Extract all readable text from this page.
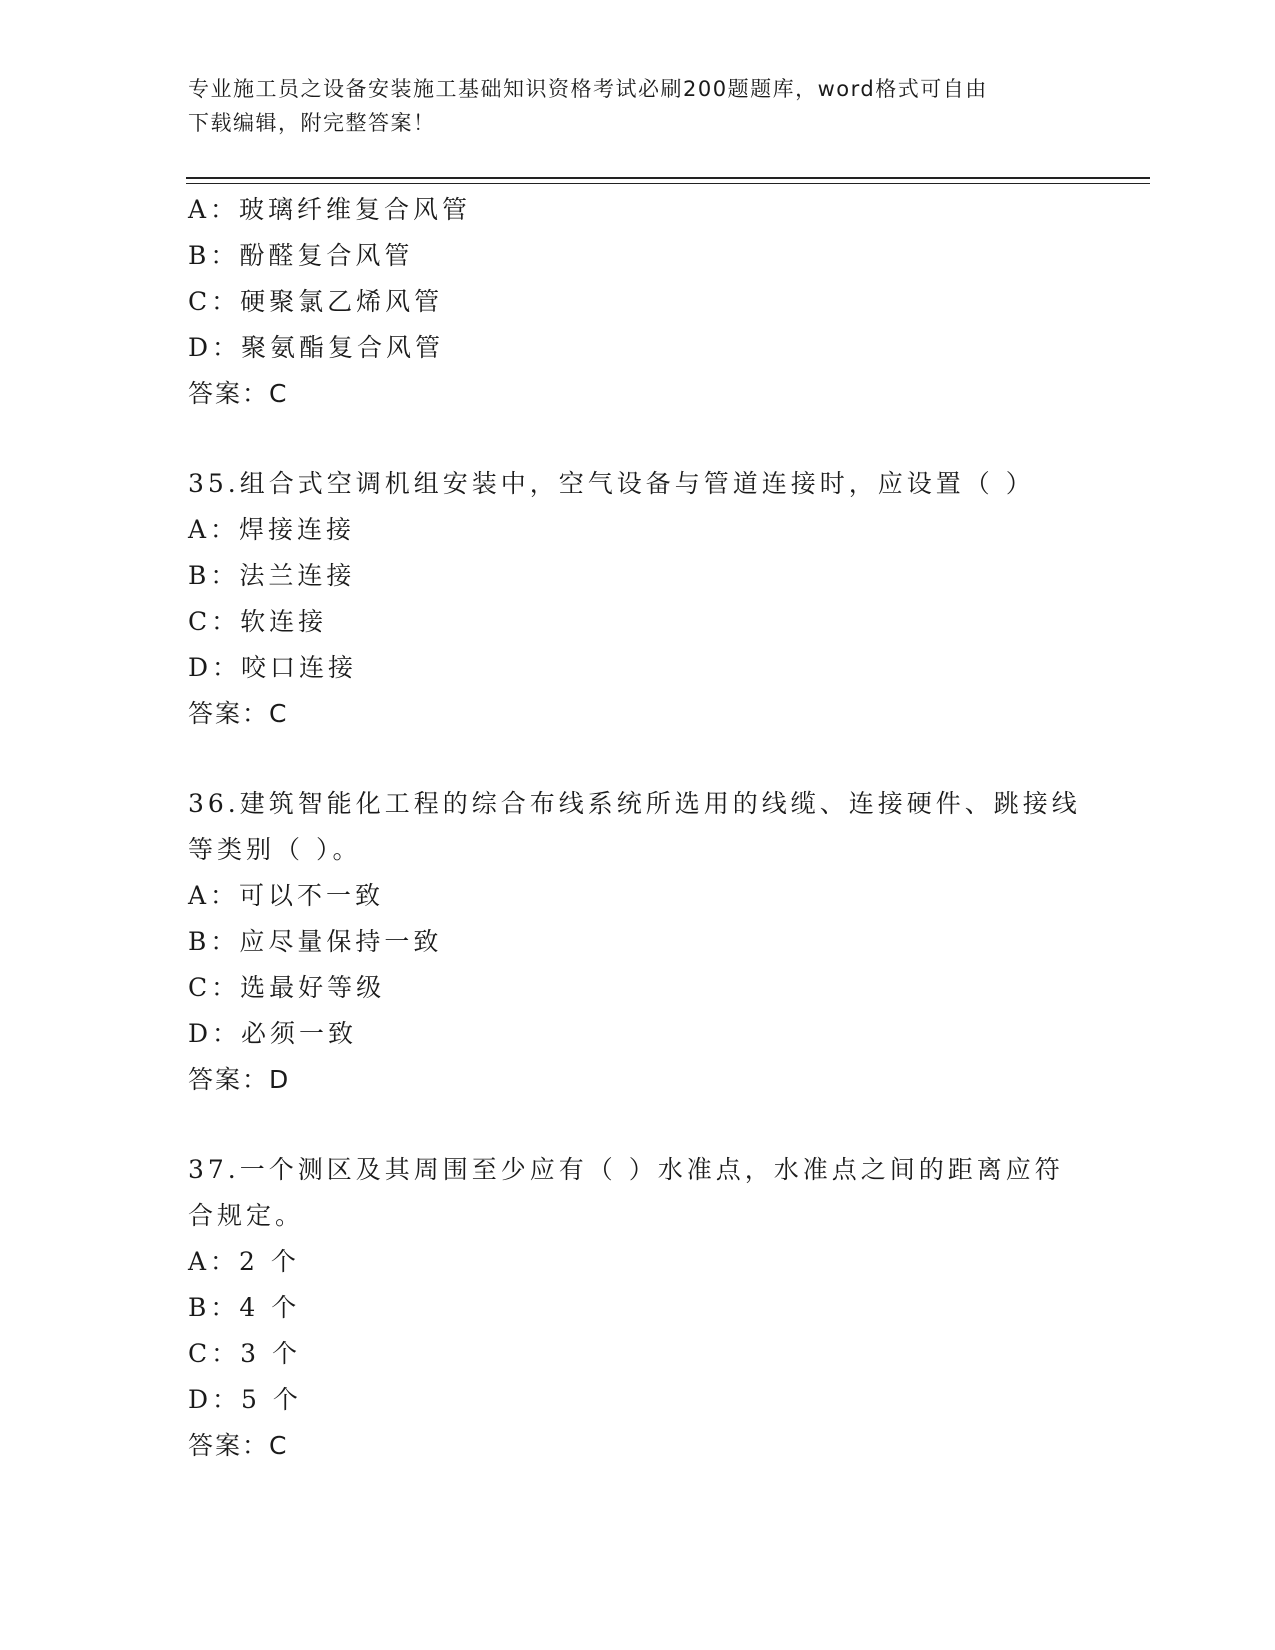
专业施工员之设备安装施工基础知识资格考试必刷200题题库，word格式可自由
下载编辑，附完整答案！
A：玻璃纤维复合风管
B：酚醛复合风管
C：硬聚氯乙烯风管
D：聚氨酯复合风管
答案：C
35.组合式空调机组安装中，空气设备与管道连接时，应设置（ ）
A：焊接连接
B：法兰连接
C：软连接
D：咬口连接
答案：C
36.建筑智能化工程的综合布线系统所选用的线缆、连接硬件、跳接线
等类别（ ）。
A：可以不一致
B：应尽量保持一致
C：选最好等级
D：必须一致
答案：D
37.一个测区及其周围至少应有（ ）水准点，水准点之间的距离应符
合规定。
A：2 个
B：4 个
C：3 个
D：5 个
答案：C
